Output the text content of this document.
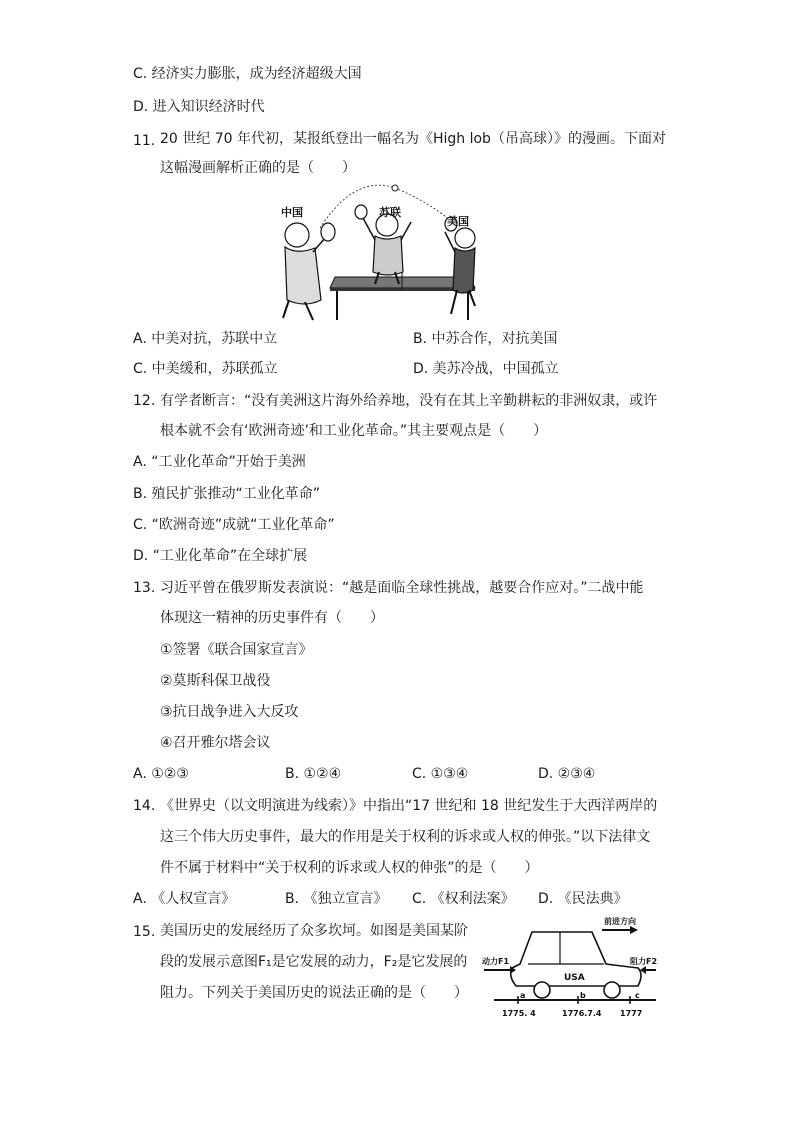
C. 经济实力膨胀，成为经济超级大国
D. 进入知识经济时代
11. 20 世纪 70 年代初，某报纸登出一幅名为《High lob（吊高球）》的漫画。下面对
这幅漫画解析正确的是（　　）
中国	苏联
美国
A. 中美对抗，苏联中立	B. 中苏合作，对抗美国
C. 中美缓和，苏联孤立	D. 美苏冷战，中国孤立
12. 有学者断言：“没有美洲这片海外给养地，没有在其上辛勤耕耘的非洲奴隶，或许
根本就不会有‘欧洲奇迹’和工业化革命。”其主要观点是（　　）
A. “工业化革命”开始于美洲
B. 殖民扩张推动“工业化革命”
C. “欧洲奇迹”成就“工业化革命”
D. “工业化革命”在全球扩展
13. 习近平曾在俄罗斯发表演说：“越是面临全球性挑战，越要合作应对。”二战中能
体现这一精神的历史事件有（　　）
①签署《联合国家宣言》
②莫斯科保卫战役
③抗日战争进入大反攻
④召开雅尔塔会议
A. ①②③	B. ①②④	C. ①③④	D. ②③④
14. 《世界史（以文明演进为线索）》中指出“17 世纪和 18 世纪发生于大西洋两岸的
这三个伟大历史事件，最大的作用是关于权利的诉求或人权的伸张。”以下法律文
件不属于材料中“关于权利的诉求或人权的伸张”的是（　　）
A. 《人权宣言》	B. 《独立宣言》 C. 《权利法案》 D. 《民法典》
15. 美国历史的发展经历了众多坎坷。如图是美国某阶
段的发展示意图F₁是它发展的动力，F₂是它发展的
阻力。下列关于美国历史的说法正确的是（　　）
前进方向
USA
动力F1	阻力F2
a	b	c
1775. 4	1776.7.4 1777
